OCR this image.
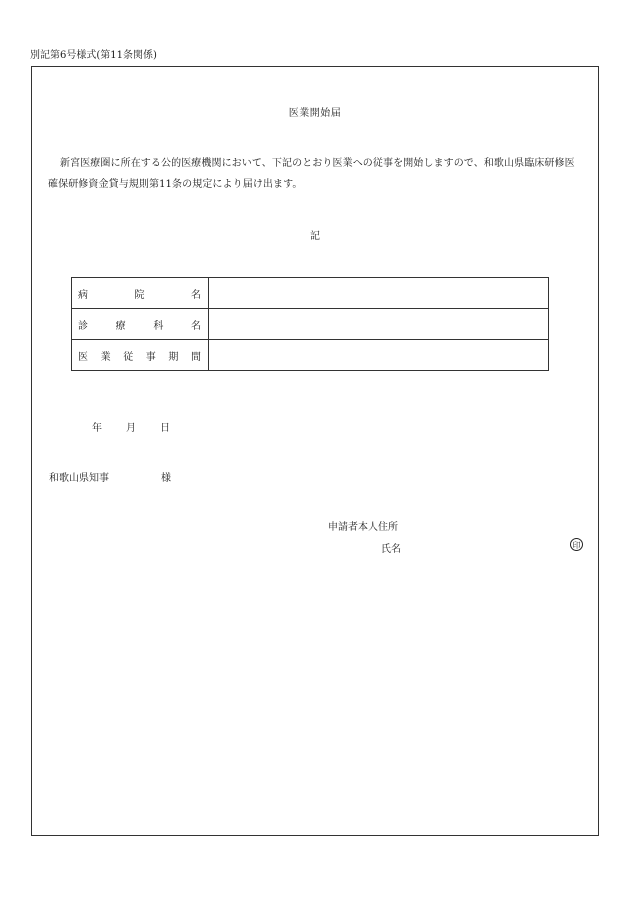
別記第6号様式(第11条関係)
医業開始届
新宮医療圏に所在する公的医療機関において、下記のとおり医業への従事を開始しますので、和歌山県臨床研修医確保研修資金貸与規則第11条の規定により届け出ます。
記
病院名	
診療科名	
医業従事期間	
年	月	日
和歌山県知事	様
申請者本人住所
氏名	印
